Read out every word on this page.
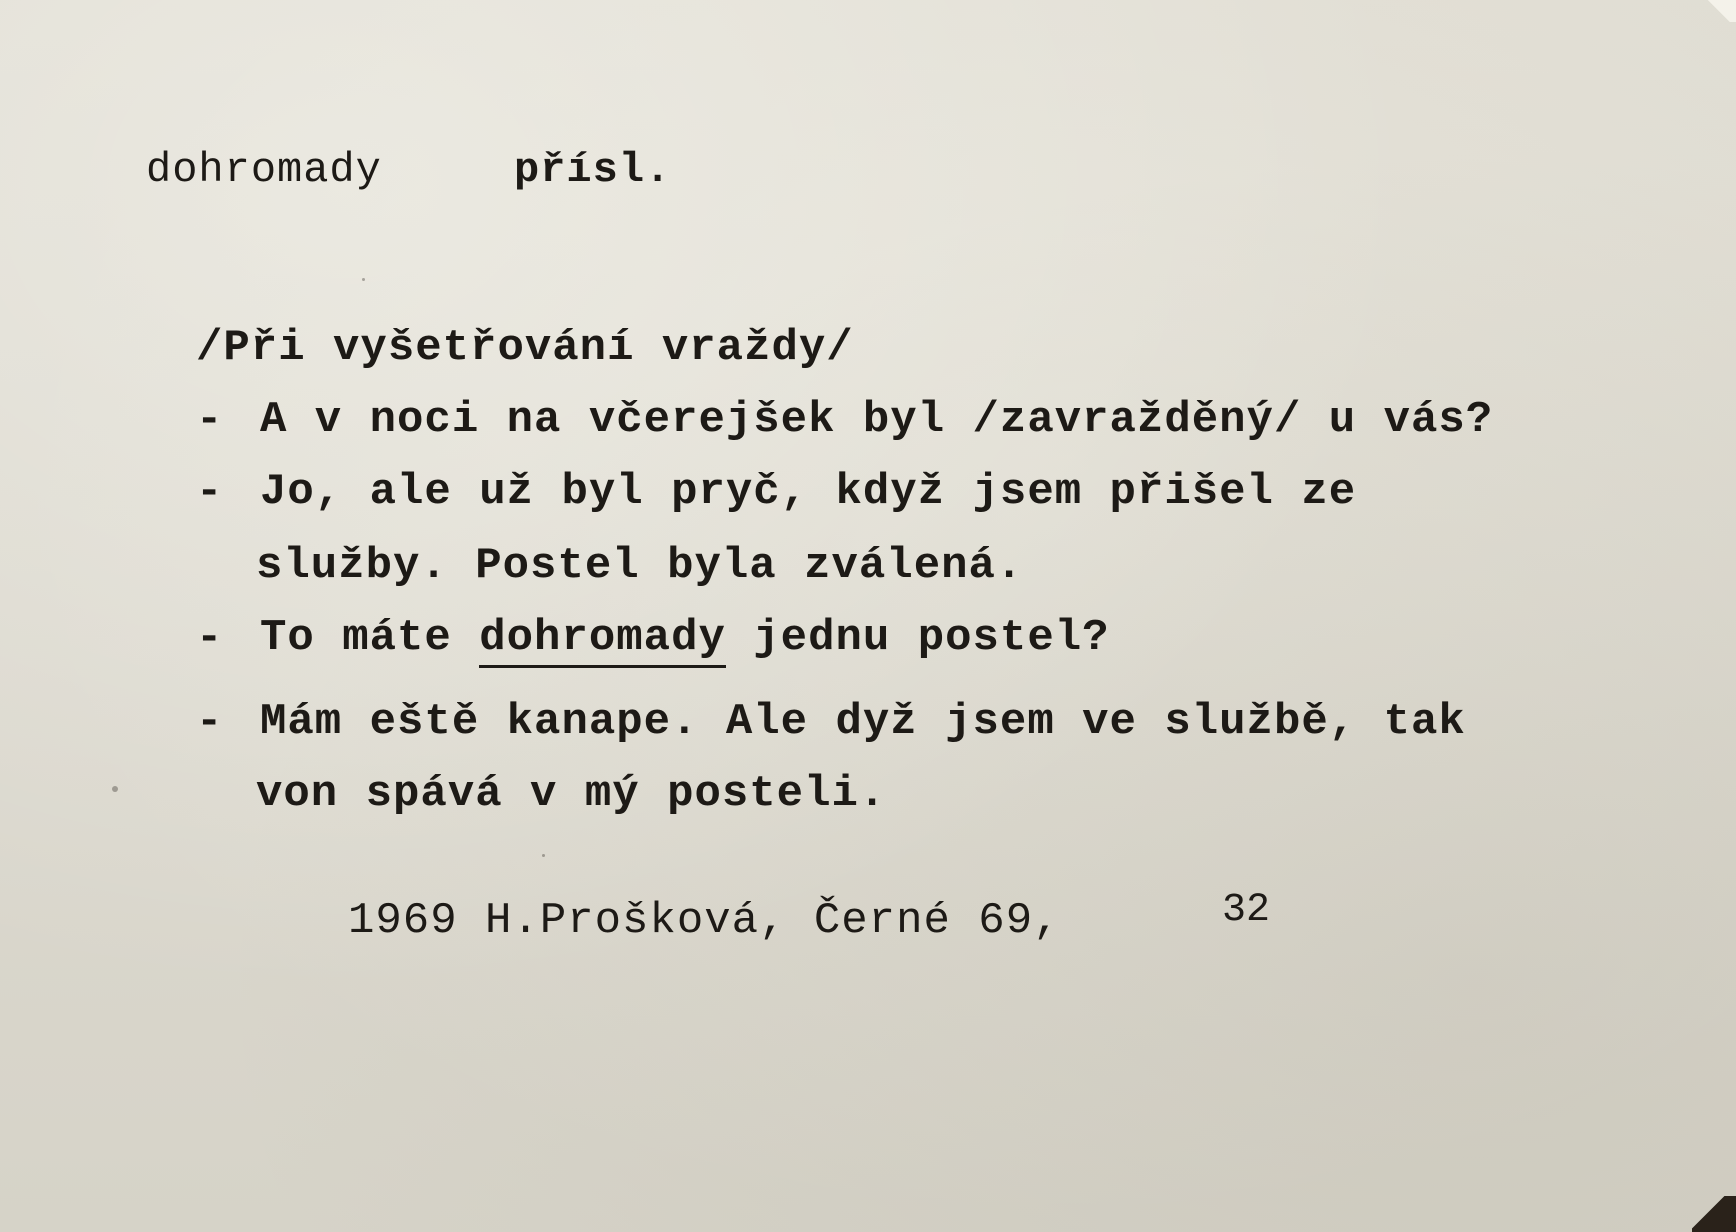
dohromady	přísl.
/Při vyšetřování vraždy/
- A v noci na včerejšek byl /zavražděný/ u vás?
- Jo, ale už byl pryč, když jsem přišel ze
služby. Postel byla zválená.
- To máte dohromady jednu postel?
- Mám eště kanape. Ale dyž jsem ve službě, tak
von spává v mý posteli.
1969 H.Prošková, Černé 69,	32
